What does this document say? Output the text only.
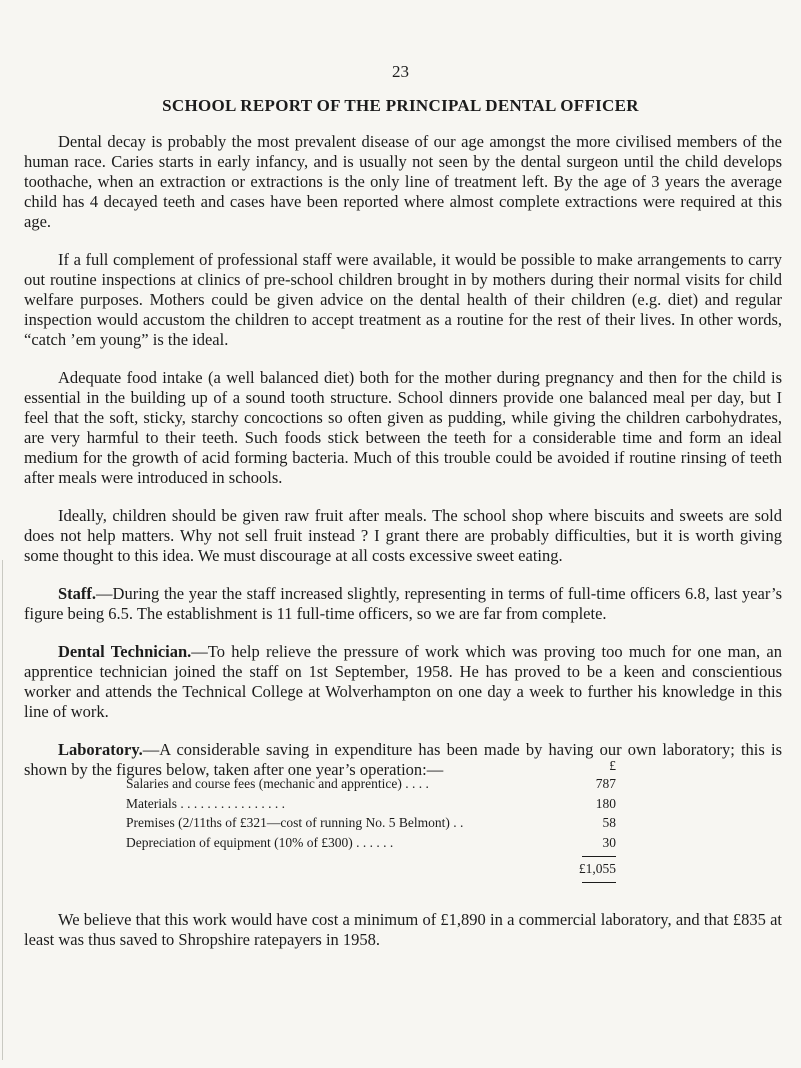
23
SCHOOL REPORT OF THE PRINCIPAL DENTAL OFFICER

Dental decay is probably the most prevalent disease of our age amongst the more civilised members of the human race. Caries starts in early infancy, and is usually not seen by the dental surgeon until the child develops toothache, when an extraction or extractions is the only line of treatment left. By the age of 3 years the average child has 4 decayed teeth and cases have been reported where almost complete extractions were required at this age.

If a full complement of professional staff were available, it would be possible to make arrangements to carry out routine inspections at clinics of pre-school children brought in by mothers during their normal visits for child welfare purposes. Mothers could be given advice on the dental health of their children (e.g. diet) and regular inspection would accustom the children to accept treatment as a routine for the rest of their lives. In other words, “catch ’em young” is the ideal.

Adequate food intake (a well balanced diet) both for the mother during pregnancy and then for the child is essential in the building up of a sound tooth structure. School dinners provide one balanced meal per day, but I feel that the soft, sticky, starchy concoctions so often given as pudding, while giving the children carbohydrates, are very harmful to their teeth. Such foods stick between the teeth for a considerable time and form an ideal medium for the growth of acid forming bacteria. Much of this trouble could be avoided if routine rinsing of teeth after meals were introduced in schools.

Ideally, children should be given raw fruit after meals. The school shop where biscuits and sweets are sold does not help matters. Why not sell fruit instead ? I grant there are probably difficulties, but it is worth giving some thought to this idea. We must discourage at all costs excessive sweet eating.

Staff.—During the year the staff increased slightly, representing in terms of full-time officers 6.8, last year’s figure being 6.5. The establishment is 11 full-time officers, so we are far from complete.

Dental Technician.—To help relieve the pressure of work which was proving too much for one man, an apprentice technician joined the staff on 1st September, 1958. He has proved to be a keen and conscientious worker and attends the Technical College at Wolverhampton on one day a week to further his knowledge in this line of work.

Laboratory.—A considerable saving in expenditure has been made by having our own laboratory; this is shown by the figures below, taken after one year’s operation:—	£
Salaries and course fees (mechanic and apprentice) . . . .	787
Materials . . . . . . . . . . . . . . . .	180
Premises (2/11ths of £321—cost of running No. 5 Belmont) . .	58
Depreciation of equipment (10% of £300) . . . . . .	30
£1,055

We believe that this work would have cost a minimum of £1,890 in a commercial laboratory, and that £835 at least was thus saved to Shropshire ratepayers in 1958.
